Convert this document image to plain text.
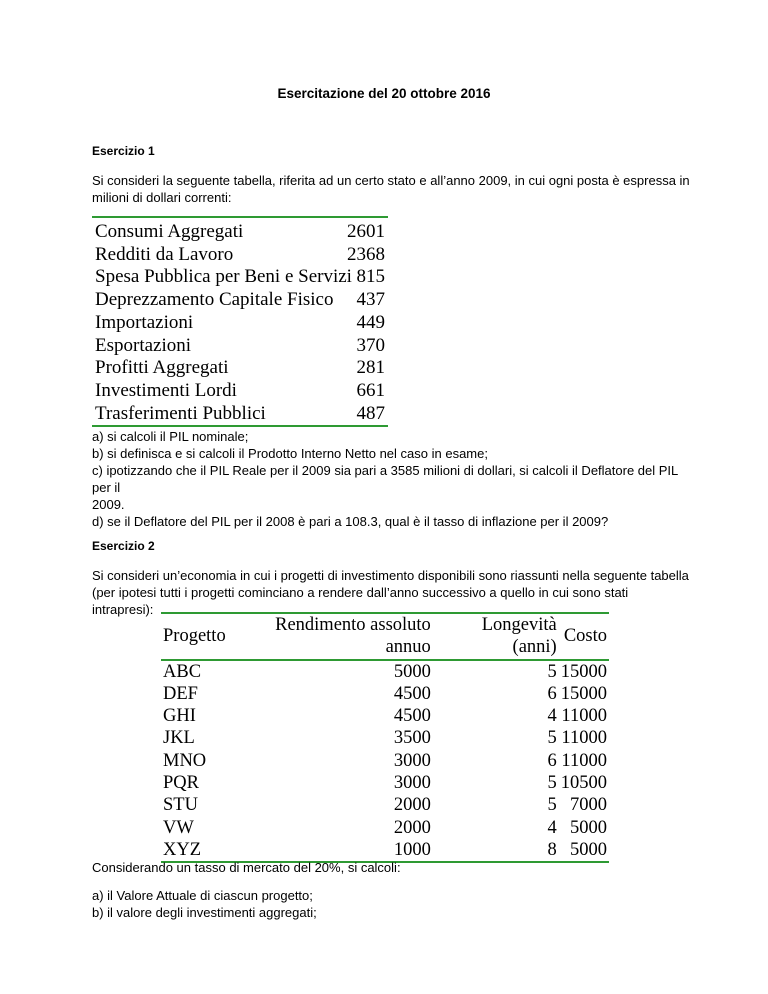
Esercitazione del 20 ottobre 2016
Esercizio 1
Si consideri la seguente tabella, riferita ad un certo stato e all’anno 2009, in cui ogni posta è espressa in
milioni di dollari correnti:
Consumi Aggregati	2601
Redditi da Lavoro	2368
Spesa Pubblica per Beni e Servizi 815
Deprezzamento Capitale Fisico 437
Importazioni	449
Esportazioni	370
Profitti Aggregati	281
Investimenti Lordi	661
Trasferimenti Pubblici	487
a) si calcoli il PIL nominale;
b) si definisca e si calcoli il Prodotto Interno Netto nel caso in esame;
c) ipotizzando che il PIL Reale per il 2009 sia pari a 3585 milioni di dollari, si calcoli il Deflatore del PIL per il
2009.
d) se il Deflatore del PIL per il 2008 è pari a 108.3, qual è il tasso di inflazione per il 2009?
Esercizio 2
Si consideri un’economia in cui i progetti di investimento disponibili sono riassunti nella seguente tabella
(per ipotesi tutti i progetti cominciano a rendere dall’anno successivo a quello in cui sono stati intrapresi):
Progetto	Rendimento assoluto annuo	Longevità (anni)	Costo
ABC	5000	5	15000
DEF	4500	6	15000
GHI	4500	4	11000
JKL	3500	5	11000
MNO	3000	6	11000
PQR	3000	5	10500
STU	2000	5	7000
VW	2000	4	5000
XYZ	1000	8	5000
Considerando un tasso di mercato del 20%, si calcoli:
a) il Valore Attuale di ciascun progetto;
b) il valore degli investimenti aggregati;
